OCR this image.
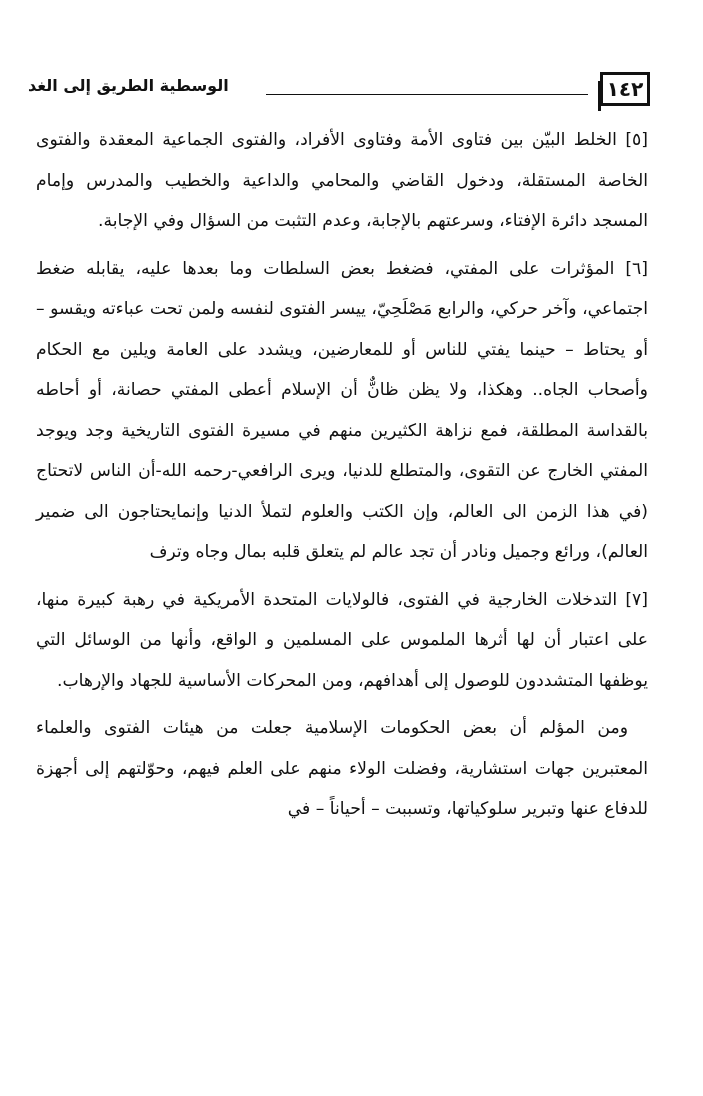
١٤٢
الوسطية الطريق إلى الغد

[٥] الخلط البيّن بين فتاوى الأمة وفتاوى الأفراد، والفتوى الجماعية المعقدة والفتوى الخاصة المستقلة، ودخول القاضي والمحامي والداعية والخطيب والمدرس وإمام المسجد دائرة الإفتاء، وسرعتهم بالإجابة، وعدم التثبت من السؤال وفي الإجابة.

[٦] المؤثرات على المفتي، فضغط بعض السلطات وما بعدها عليه، يقابله ضغط اجتماعي، وآخر حركي، والرابع مَصْلَحِيّ، ييسر الفتوى لنفسه ولمن تحت عباءته ويقسو – أو يحتاط – حينما يفتي للناس أو للمعارضين، ويشدد على العامة ويلين مع الحكام وأصحاب الجاه.. وهكذا، ولا يظن ظانٌّ أن الإسلام أعطى المفتي حصانة، أو أحاطه بالقداسة المطلقة، فمع نزاهة الكثيرين منهم في مسيرة الفتوى التاريخية وجد ويوجد المفتي الخارج عن التقوى، والمتطلع للدنيا، ويرى الرافعي-رحمه الله-أن الناس لاتحتاج (في هذا الزمن الى العالم، وإن الكتب والعلوم لتملأ الدنيا وإنمايحتاجون الى ضمير العالم)، ورائع وجميل ونادر أن تجد عالم لم يتعلق قلبه بمال وجاه وترف

[٧] التدخلات الخارجية في الفتوى، فالولايات المتحدة الأمريكية في رهبة كبيرة منها، على اعتبار أن لها أثرها الملموس على المسلمين و الواقع، وأنها من الوسائل التي يوظفها المتشددون للوصول إلى أهدافهم، ومن المحركات الأساسية للجهاد والإرهاب.

ومن المؤلم أن بعض الحكومات الإسلامية جعلت من هيئات الفتوى والعلماء المعتبرين جهات استشارية، وفضلت الولاء منهم على العلم فيهم، وحوّلتهم إلى أجهزة للدفاع عنها وتبرير سلوكياتها، وتسببت – أحياناً – في
